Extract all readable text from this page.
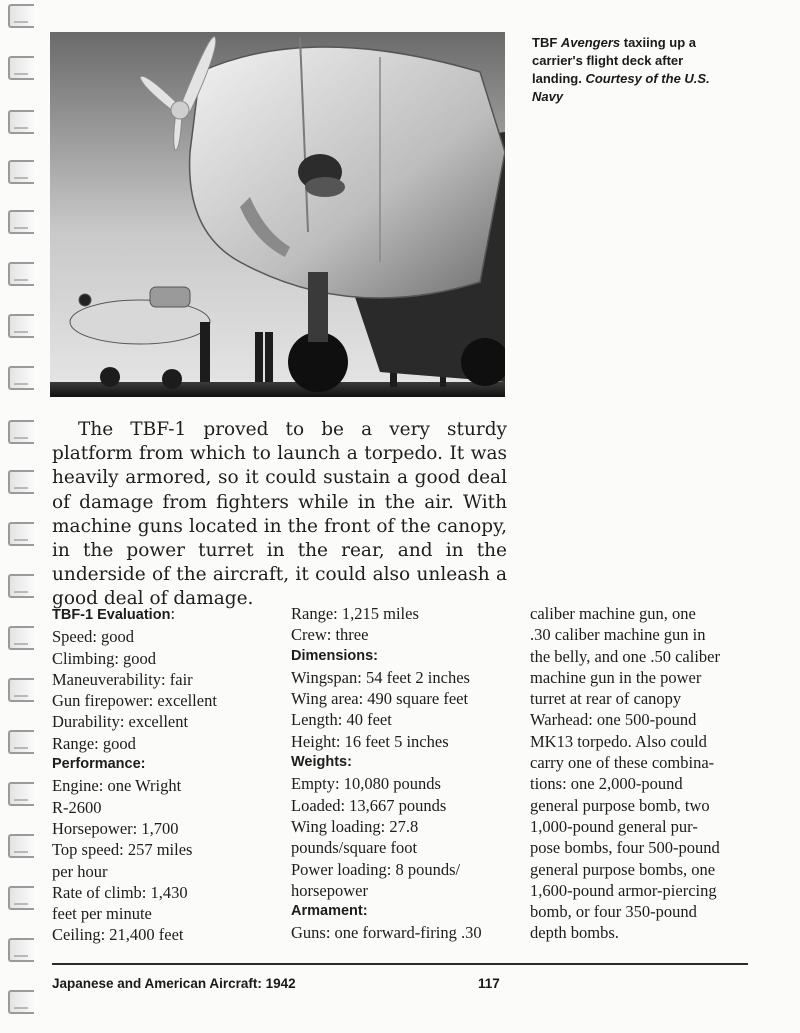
TBF Avengers taxiing up a carrier's flight deck after landing. Courtesy of the U.S. Navy

The TBF-1 proved to be a very sturdy platform from which to launch a torpedo. It was heavily armored, so it could sustain a good deal of damage from fighters while in the air. With machine guns located in the front of the canopy, in the power turret in the rear, and in the underside of the aircraft, it could also unleash a good deal of damage.

TBF-1 Evaluation:
Speed: good
Climbing: good
Maneuverability: fair
Gun firepower: excellent
Durability: excellent
Range: good
Performance:
Engine: one Wright
R-2600
Horsepower: 1,700
Top speed: 257 miles
per hour
Rate of climb: 1,430
feet per minute
Ceiling: 21,400 feet
Range: 1,215 miles
Crew: three
Dimensions:
Wingspan: 54 feet 2 inches
Wing area: 490 square feet
Length: 40 feet
Height: 16 feet 5 inches
Weights:
Empty: 10,080 pounds
Loaded: 13,667 pounds
Wing loading: 27.8
pounds/square foot
Power loading: 8 pounds/
horsepower
Armament:
Guns: one forward-firing .30
caliber machine gun, one
.30 caliber machine gun in
the belly, and one .50 caliber
machine gun in the power
turret at rear of canopy
Warhead: one 500-pound
MK13 torpedo. Also could
carry one of these combina-
tions: one 2,000-pound
general purpose bomb, two
1,000-pound general pur-
pose bombs, four 500-pound
general purpose bombs, one
1,600-pound armor-piercing
bomb, or four 350-pound
depth bombs.
Japanese and American Aircraft: 1942	117
